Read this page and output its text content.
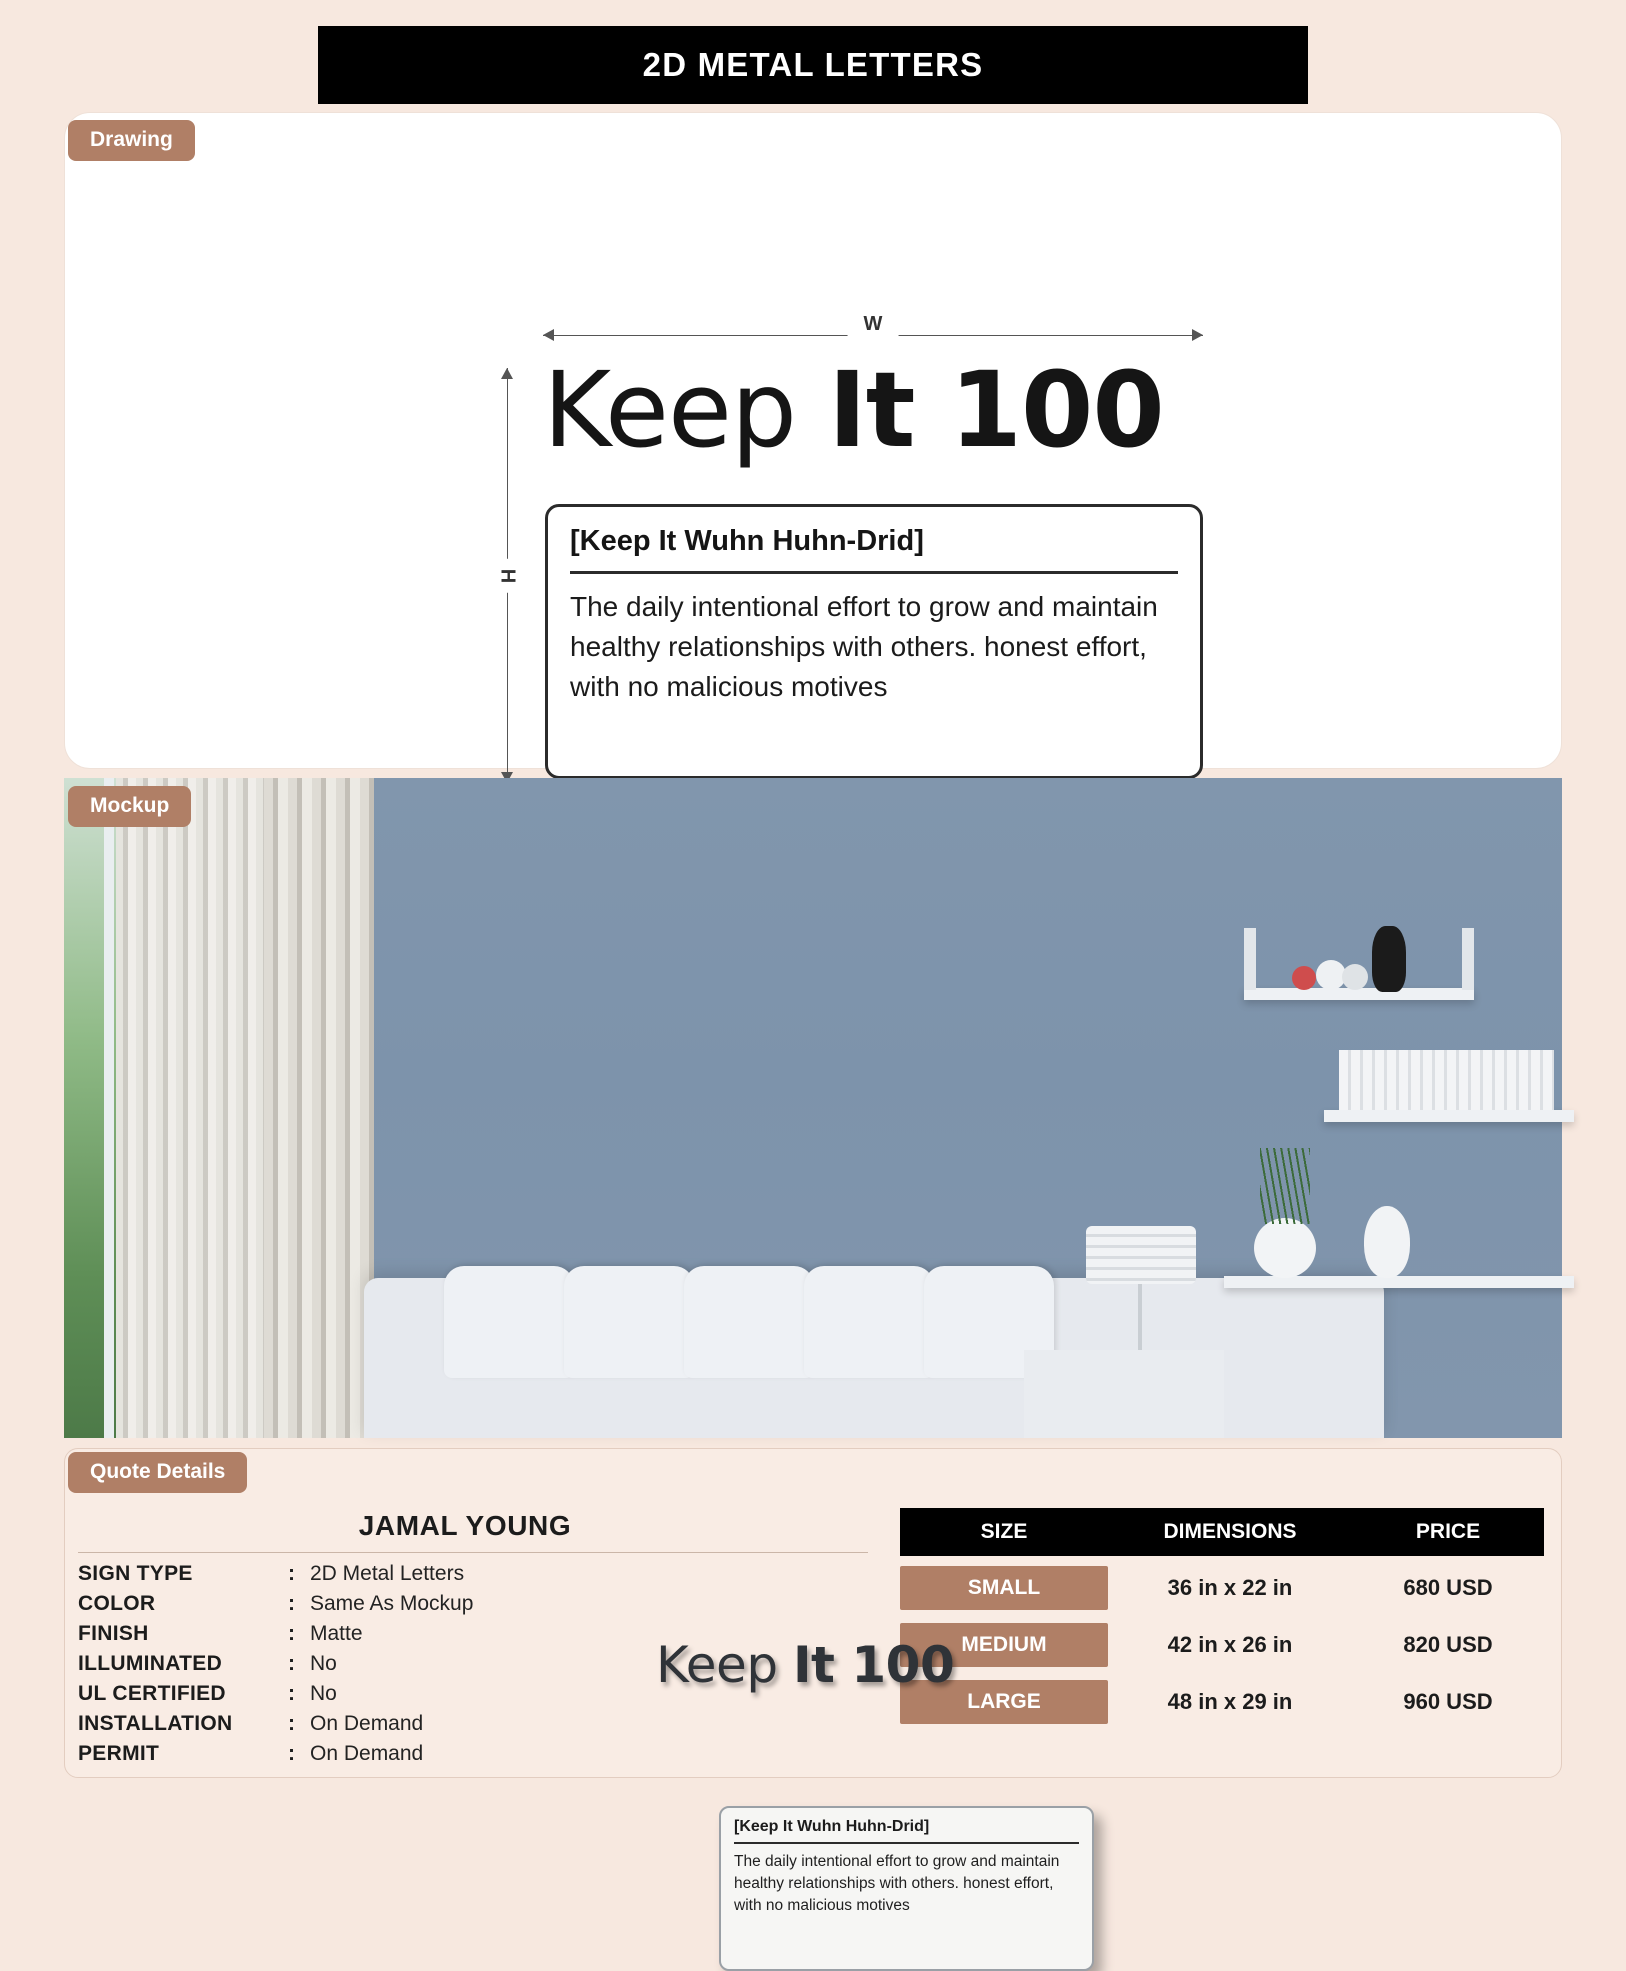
2D METAL LETTERS
Drawing
W
H
Keep It 100

[Keep It Wuhn Huhn-Drid]

The daily intentional effort to grow and maintain healthy relationships with others. honest effort, with no malicious motives

Mockup
Keep It 100

[Keep It Wuhn Huhn-Drid]

The daily intentional effort to grow and maintain healthy relationships with others. honest effort, with no malicious motives

Quote Details
JAMAL YOUNG
SIGN TYPE	: 2D Metal Letters
COLOR	: Same As Mockup
FINISH	: Matte
ILLUMINATED	: No
UL CERTIFIED	: No
INSTALLATION	: On Demand
PERMIT	: On Demand
SIZE	DIMENSIONS	PRICE
SMALL	36 in x 22 in	680 USD
MEDIUM	42 in x 26 in	820 USD
LARGE	48 in x 29 in	960 USD
